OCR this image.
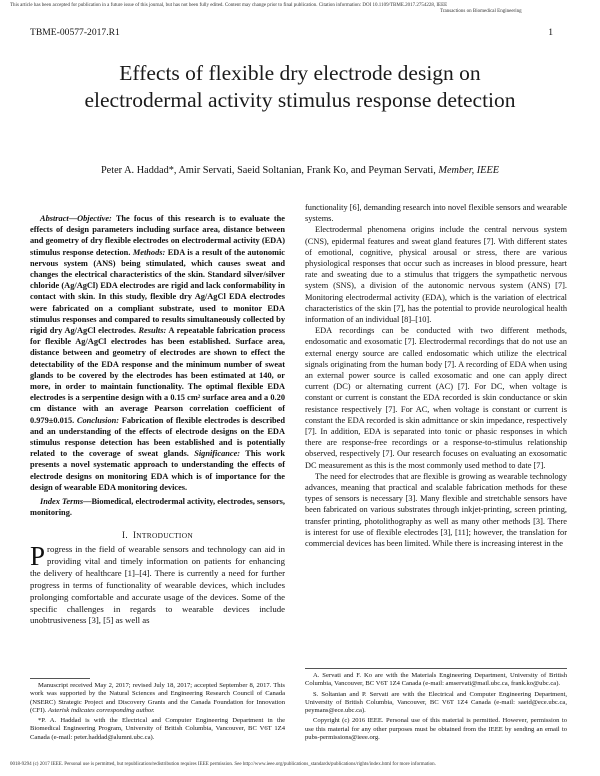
This article has been accepted for publication in a future issue of this journal, but has not been fully edited. Content may change prior to final publication. Citation information: DOI 10.1109/TBME.2017.2754228, IEEE
Transactions on Biomedical Engineering
TBME-00577-2017.R1	1
Effects of flexible dry electrode design on electrodermal activity stimulus response detection
Peter A. Haddad*, Amir Servati, Saeid Soltanian, Frank Ko, and Peyman Servati, Member, IEEE

Abstract—Objective: The focus of this research is to evaluate the effects of design parameters including surface area, distance between and geometry of dry flexible electrodes on electrodermal activity (EDA) stimulus response detection. Methods: EDA is a result of the autonomic nervous system (ANS) being stimulated, which causes sweat and changes the electrical characteristics of the skin. Standard silver/silver chloride (Ag/AgCl) EDA electrodes are rigid and lack conformability in contact with skin. In this study, flexible dry Ag/AgCl EDA electrodes were fabricated on a compliant substrate, used to monitor EDA stimulus responses and compared to results simultaneously collected by rigid dry Ag/AgCl electrodes. Results: A repeatable fabrication process for flexible Ag/AgCl electrodes has been established. Surface area, distance between and geometry of electrodes are shown to effect the detectability of the EDA response and the minimum number of sweat glands to be covered by the electrodes has been estimated at 140, or more, in order to maintain functionality. The optimal flexible EDA electrodes is a serpentine design with a 0.15 cm² surface area and a 0.20 cm distance with an average Pearson correlation coefficient of 0.979±0.015. Conclusion: Fabrication of flexible electrodes is described and an understanding of the effects of electrode designs on the EDA stimulus response detection has been established and is potentially related to the coverage of sweat glands. Significance: This work presents a novel systematic approach to understanding the effects of electrode designs on monitoring EDA which is of importance for the design of wearable EDA monitoring devices.

Index Terms—Biomedical, electrodermal activity, electrodes, sensors, monitoring.

I. INTRODUCTION

Progress in the field of wearable sensors and technology can aid in providing vital and timely information on patients for enhancing the delivery of healthcare [1]–[4]. There is currently a need for further progress in terms of functionality of wearable devices, which includes prolonging comfortable and accurate usage of the devices. Some of the specific challenges in regards to wearable devices include unobtrusiveness [3], [5] as well as

functionality [6], demanding research into novel flexible sensors and wearable systems.

Electrodermal phenomena origins include the central nervous system (CNS), epidermal features and sweat gland features [7]. With different states of emotional, cognitive, physical arousal or stress, there are various physiological responses that occur such as increases in blood pressure, heart rate and sweating due to a stimulus that triggers the sympathetic nervous system (SNS), a division of the autonomic nervous system (ANS) [7]. Monitoring electrodermal activity (EDA), which is the variation of electrical characteristics of the skin [7], has the potential to provide neurological health information of an individual [8]–[10].

EDA recordings can be conducted with two different methods, endosomatic and exosomatic [7]. Electrodermal recordings that do not use an external energy source are called endosomatic which utilize the electrical signals originating from the human body [7]. A recording of EDA when using an external power source is called exosomatic and one can apply direct current (DC) or alternating current (AC) [7]. For DC, when voltage is constant or current is constant the EDA recorded is skin conductance or skin resistance respectively [7]. For AC, when voltage is constant or current is constant the EDA recorded is skin admittance or skin impedance, respectively [7]. In addition, EDA is separated into tonic or phasic responses in which there are response-free recordings or a response-to-stimulus relationship observed, respectively [7]. Our research focuses on evaluating an exosomatic DC measurement as this is the most commonly used method to date [7].

The need for electrodes that are flexible is growing as wearable technology advances, meaning that practical and scalable fabrication methods for these types of sensors is necessary [3]. Many flexible and stretchable sensors have been fabricated on various substrates through inkjet-printing, screen printing, transfer printing, photolithography as well as many other methods [3]. There is interest for use of flexible electrodes [3], [11]; however, the translation for commercial devices has been limited. While there is increasing interest in the

Manuscript received May 2, 2017; revised July 18, 2017; accepted September 8, 2017. This work was supported by the Natural Sciences and Engineering Research Council of Canada (NSERC) Strategic Project and Discovery Grants and the Canada Foundation for Innovation (CFI). Asterisk indicates corresponding author.

*P. A. Haddad is with the Electrical and Computer Engineering Department in the Biomedical Engineering Program, University of British Columbia, Vancouver, BC V6T 1Z4 Canada (e-mail: peter.haddad@alumni.ubc.ca).

A. Servati and F. Ko are with the Materials Engineering Department, University of British Columbia, Vancouver, BC V6T 1Z4 Canada (e-mail: amservati@mail.ubc.ca, frank.ko@ubc.ca).

S. Soltanian and P. Servati are with the Electrical and Computer Engineering Department, University of British Columbia, Vancouver, BC V6T 1Z4 Canada (e-mail: saeid@ece.ubc.ca, peymans@ece.ubc.ca).

Copyright (c) 2016 IEEE. Personal use of this material is permitted. However, permission to use this material for any other purposes must be obtained from the IEEE by sending an email to pubs-permissions@ieee.org.

0018-9294 (c) 2017 IEEE. Personal use is permitted, but republication/redistribution requires IEEE permission. See http://www.ieee.org/publications_standards/publications/rights/index.html for more information.
